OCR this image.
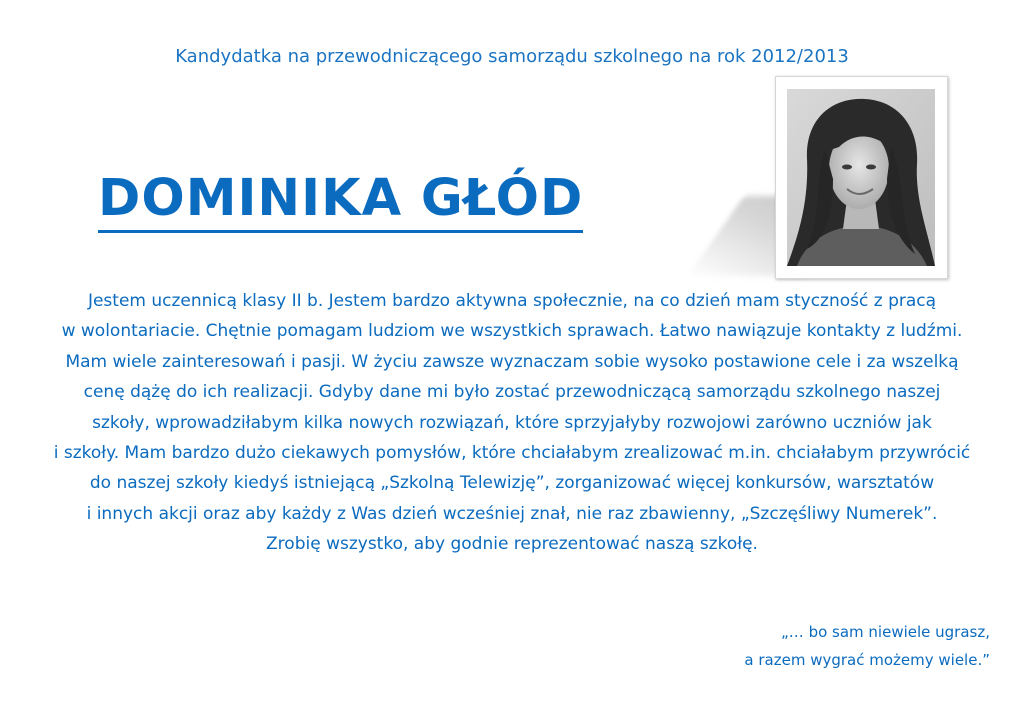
Kandydatka na przewodniczącego samorządu szkolnego na rok 2012/2013
DOMINIKA GŁÓD
Jestem uczennicą klasy II b. Jestem bardzo aktywna społecznie, na co dzień mam styczność z pracą
w wolontariacie. Chętnie pomagam ludziom we wszystkich sprawach. Łatwo nawiązuje kontakty z ludźmi.
Mam wiele zainteresowań i pasji. W życiu zawsze wyznaczam sobie wysoko postawione cele i za wszelką
cenę dążę do ich realizacji. Gdyby dane mi było zostać przewodniczącą samorządu szkolnego naszej
szkoły, wprowadziłabym kilka nowych rozwiązań, które sprzyjałyby rozwojowi zarówno uczniów jak
i szkoły. Mam bardzo dużo ciekawych pomysłów, które chciałabym zrealizować m.in. chciałabym przywrócić
do naszej szkoły kiedyś istniejącą „Szkolną Telewizję”, zorganizować więcej konkursów, warsztatów
i innych akcji oraz aby każdy z Was dzień wcześniej znał, nie raz zbawienny, „Szczęśliwy Numerek”.
Zrobię wszystko, aby godnie reprezentować naszą szkołę.
„… bo sam niewiele ugrasz,
a razem wygrać możemy wiele.”
